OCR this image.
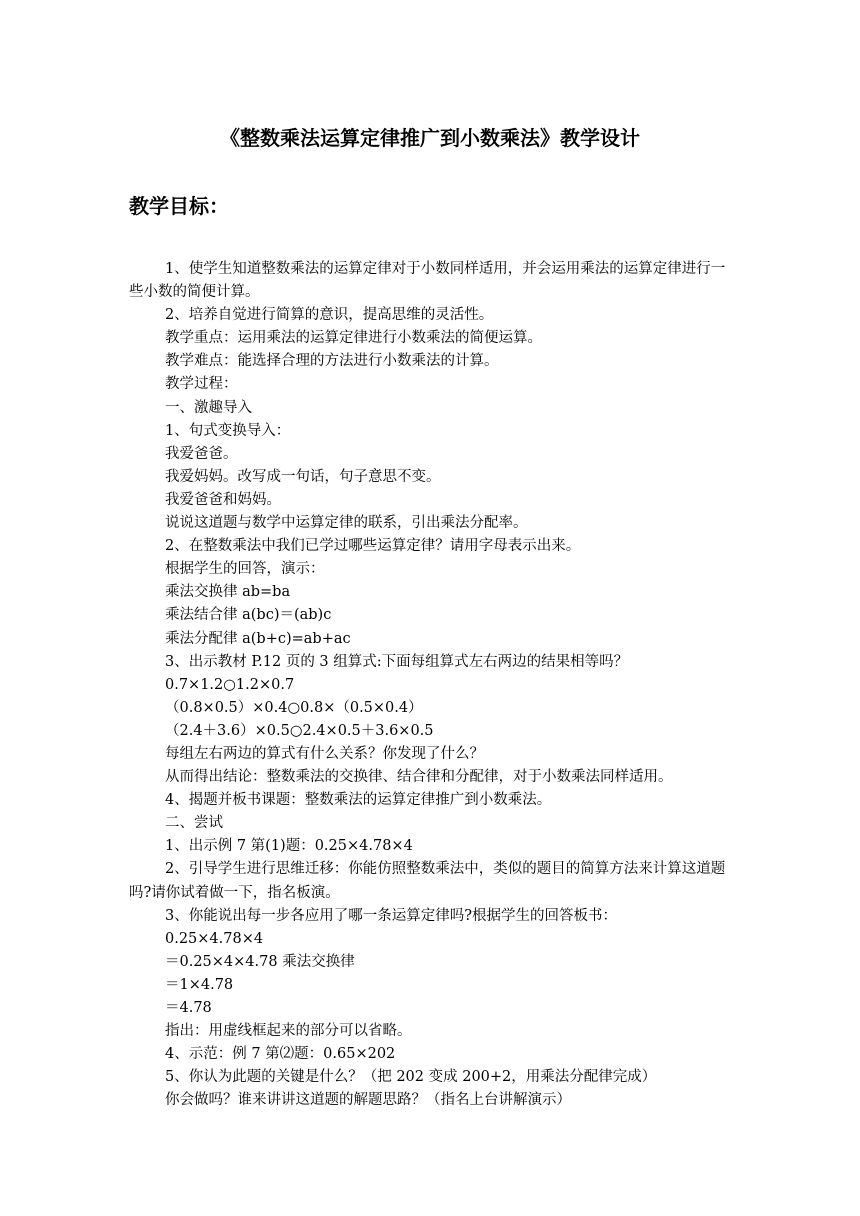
《整数乘法运算定律推广到小数乘法》教学设计
教学目标：

1、使学生知道整数乘法的运算定律对于小数同样适用，并会运用乘法的运算定律进行一些小数的简便计算。

2、培养自觉进行简算的意识，提高思维的灵活性。

教学重点：运用乘法的运算定律进行小数乘法的简便运算。

教学难点：能选择合理的方法进行小数乘法的计算。

教学过程：

一、激趣导入

1、句式变换导入：

我爱爸爸。

我爱妈妈。改写成一句话，句子意思不变。

我爱爸爸和妈妈。

说说这道题与数学中运算定律的联系，引出乘法分配率。

2、在整数乘法中我们已学过哪些运算定律？请用字母表示出来。

根据学生的回答，演示：

乘法交换律 ab=ba

乘法结合律 a(bc)＝(ab)c

乘法分配律 a(b+c)=ab+ac

3、出示教材 P.12 页的 3 组算式:下面每组算式左右两边的结果相等吗？

0.7×1.2○1.2×0.7

（0.8×0.5）×0.4○0.8×（0.5×0.4）

（2.4＋3.6）×0.5○2.4×0.5＋3.6×0.5

每组左右两边的算式有什么关系？你发现了什么？

从而得出结论：整数乘法的交换律、结合律和分配律，对于小数乘法同样适用。

4、揭题并板书课题：整数乘法的运算定律推广到小数乘法。

二、尝试

1、出示例 7 第(1)题：0.25×4.78×4

2、引导学生进行思维迁移：你能仿照整数乘法中，类似的题目的简算方法来计算这道题吗?请你试着做一下，指名板演。

3、你能说出每一步各应用了哪一条运算定律吗?根据学生的回答板书：

0.25×4.78×4

＝0.25×4×4.78 乘法交换律

＝1×4.78

＝4.78

指出：用虚线框起来的部分可以省略。

4、示范：例 7 第⑵题：0.65×202

5、你认为此题的关键是什么？（把 202 变成 200+2，用乘法分配律完成）

你会做吗？谁来讲讲这道题的解题思路？（指名上台讲解演示）
